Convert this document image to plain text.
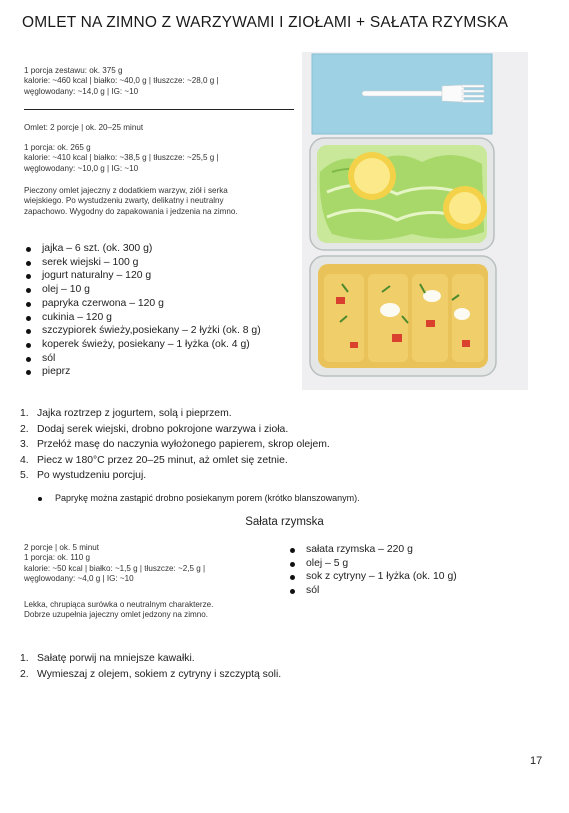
OMLET NA ZIMNO Z WARZYWAMI I ZIOŁAMI + SAŁATA RZYMSKA
1 porcja zestawu: ok. 375 g
kalorie: ~460 kcal | białko: ~40,0 g | tłuszcze: ~28,0 g |
węglowodany: ~14,0 g | IG: ~10
Omlet: 2 porcje | ok. 20–25 minut
1 porcja: ok. 265 g
kalorie: ~410 kcal | białko: ~38,5 g | tłuszcze: ~25,5 g |
węglowodany: ~10,0 g | IG: ~10
Pieczony omlet jajeczny z dodatkiem warzyw, ziół i serka
wiejskiego. Po wystudzeniu zwarty, delikatny i neutralny
zapachowo. Wygodny do zapakowania i jedzenia na zimno.
jajka – 6 szt. (ok. 300 g)
serek wiejski – 100 g
jogurt naturalny – 120 g
olej – 10 g
papryka czerwona – 120 g
cukinia – 120 g
szczypiorek świeży,posiekany – 2 łyżki (ok. 8 g)
koperek świeży, posiekany – 1 łyżka (ok. 4 g)
sól
pieprz
1. Jajka roztrzep z jogurtem, solą i pieprzem.
2. Dodaj serek wiejski, drobno pokrojone warzywa i zioła.
3. Przełóż masę do naczynia wyłożonego papierem, skrop olejem.
4. Piecz w 180°C przez 20–25 minut, aż omlet się zetnie.
5. Po wystudzeniu porcjuj.
Paprykę można zastąpić drobno posiekanym porem (krótko blanszowanym).
Sałata rzymska
2 porcje | ok. 5 minut
1 porcja: ok. 110 g
kalorie: ~50 kcal | białko: ~1,5 g | tłuszcze: ~2,5 g |
węglowodany: ~4,0 g | IG: ~10
Lekka, chrupiąca surówka o neutralnym charakterze.
Dobrze uzupełnia jajeczny omlet jedzony na zimno.
sałata rzymska – 220 g
olej – 5 g
sok z cytryny – 1 łyżka (ok. 10 g)
sól
1. Sałatę porwij na mniejsze kawałki.
2. Wymieszaj z olejem, sokiem z cytryny i szczyptą soli.
17
